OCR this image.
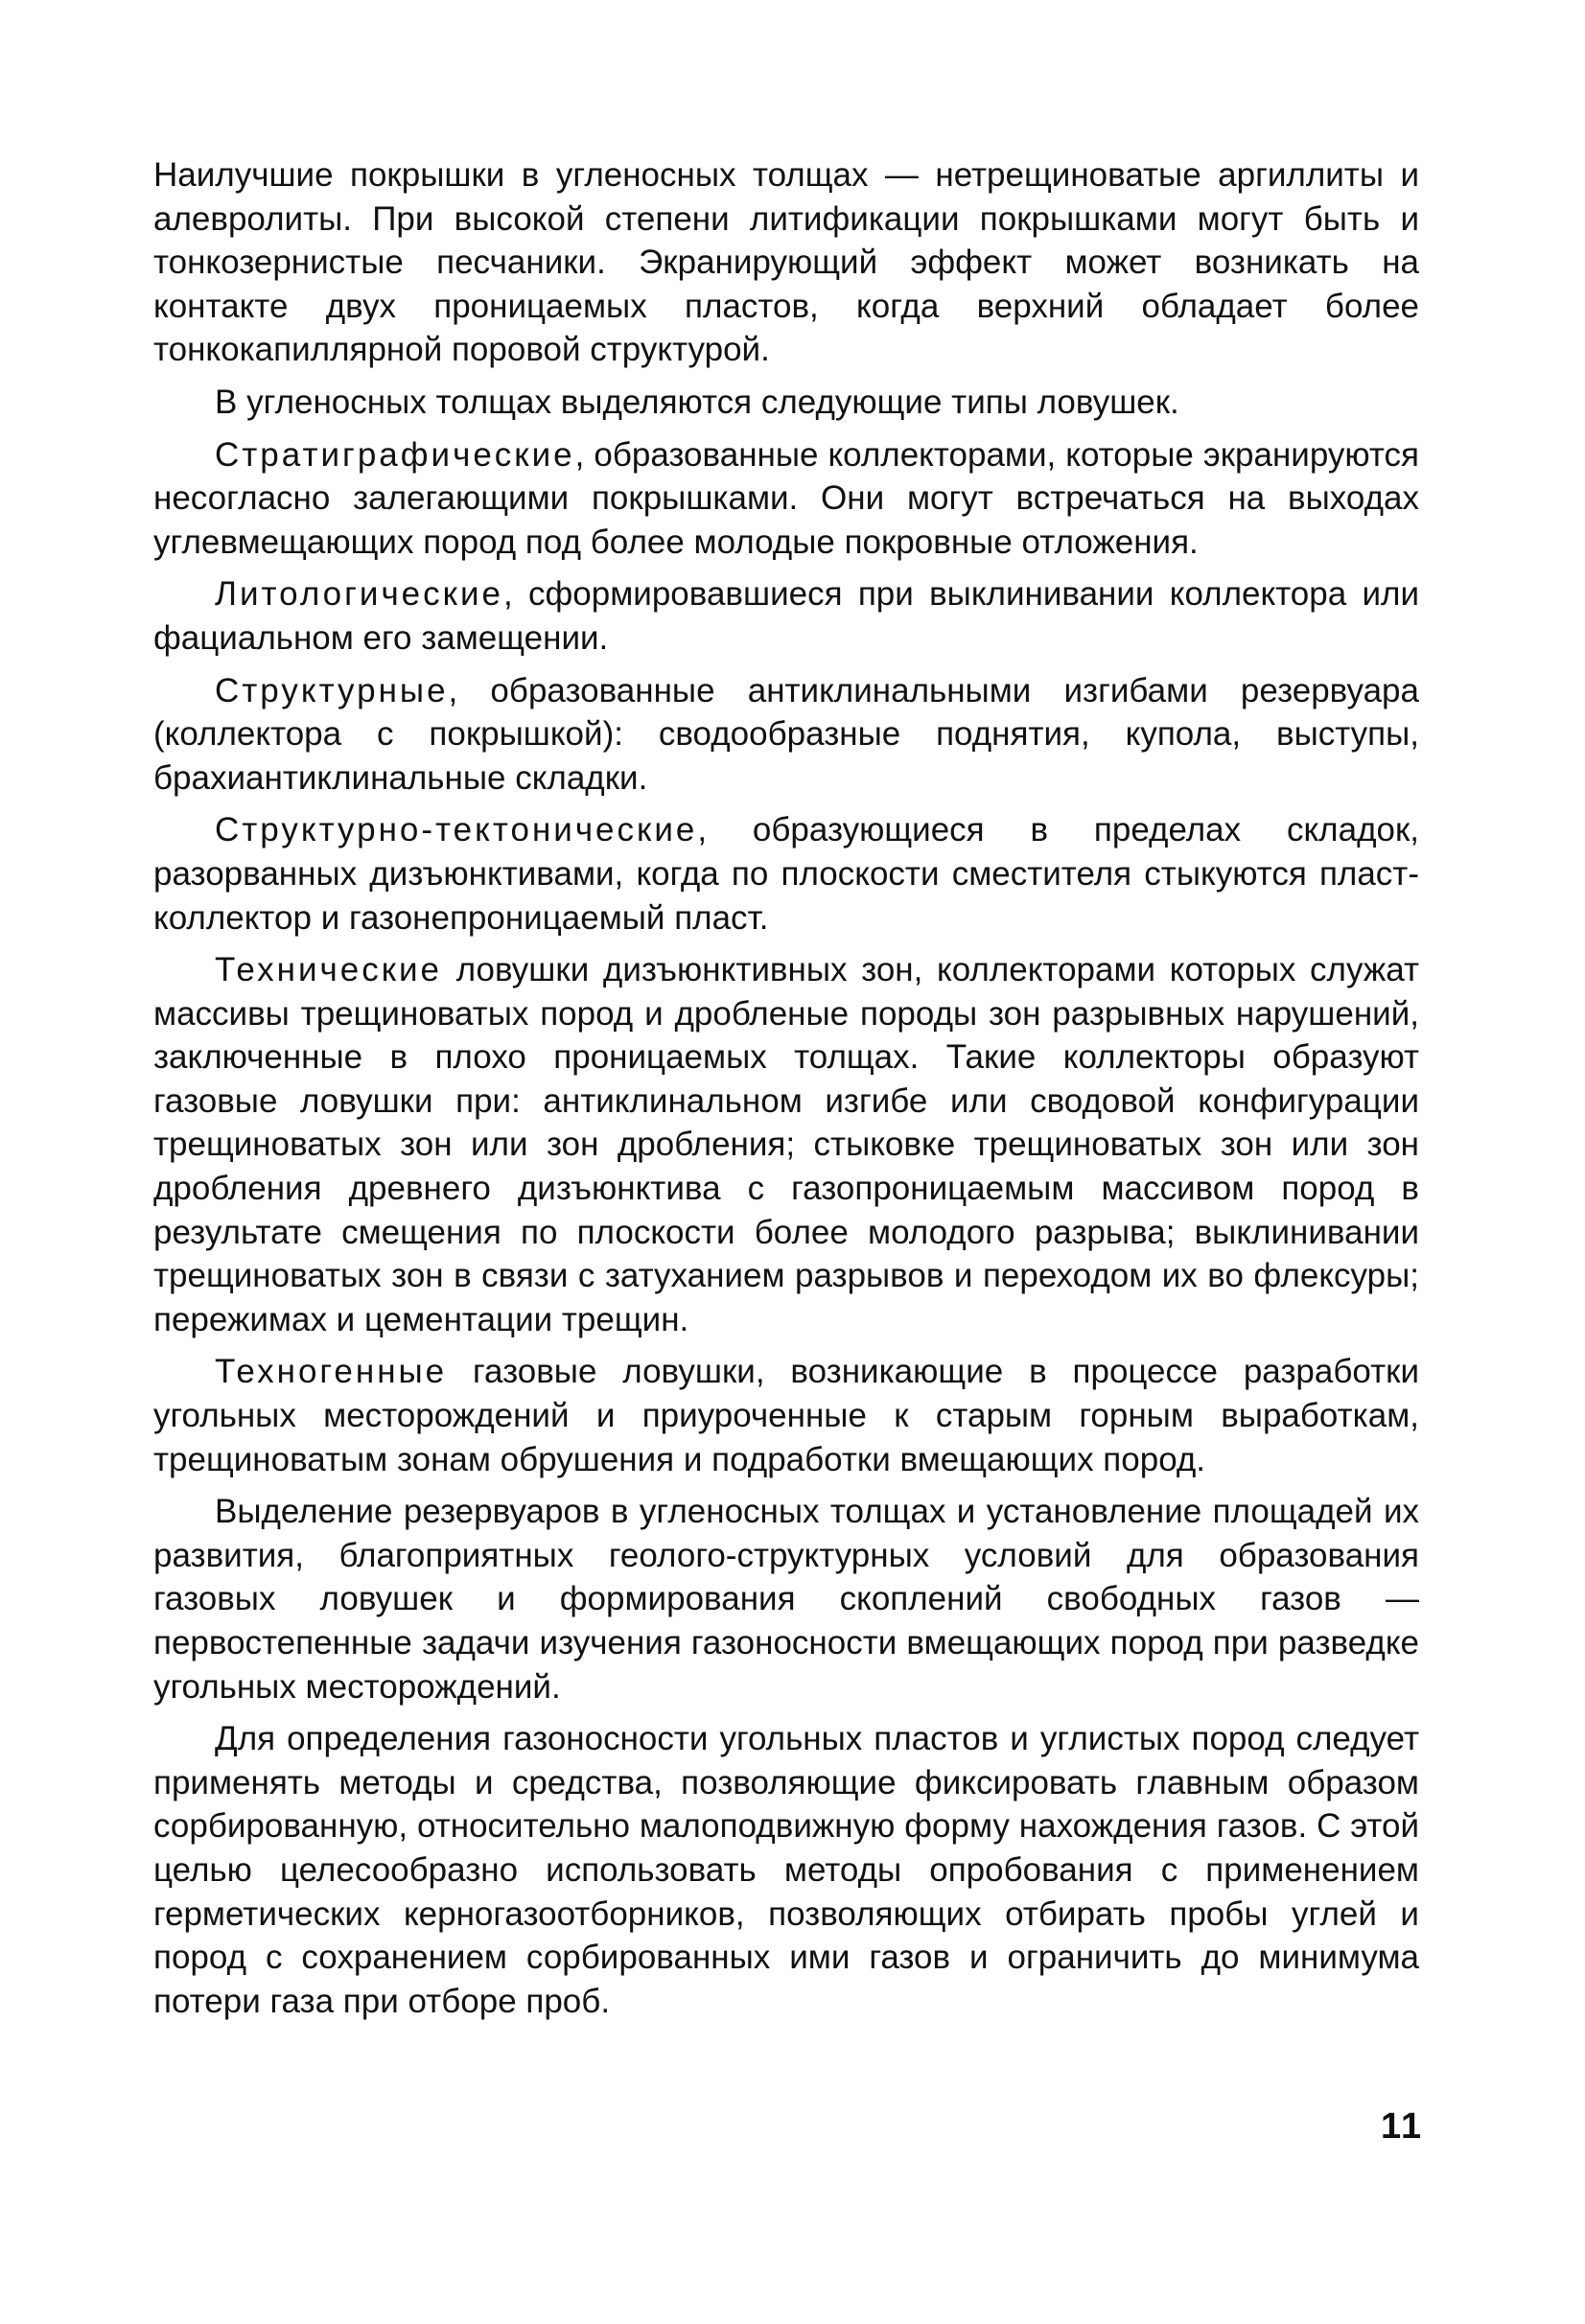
Наилучшие покрышки в угленосных толщах — нетрещиноватые аргиллиты и алевролиты. При высокой степени литификации покрышками могут быть и тонкозернистые песчаники. Экранирующий эффект может возникать на контакте двух проницаемых пластов, когда верхний обладает более тонкокапиллярной поровой структурой.

В угленосных толщах выделяются следующие типы ловушек.

Стратиграфические, образованные коллекторами, которые экранируются несогласно залегающими покрышками. Они могут встречаться на выходах углевмещающих пород под более молодые покровные отложения.

Литологические, сформировавшиеся при выклинивании коллектора или фациальном его замещении.

Структурные, образованные антиклинальными изгибами резервуара (коллектора с покрышкой): сводообразные поднятия, купола, выступы, брахиантиклинальные складки.

Структурно-тектонические, образующиеся в пределах складок, разорванных дизъюнктивами, когда по плоскости сместителя стыкуются пласт-коллектор и газонепроницаемый пласт.

Технические ловушки дизъюнктивных зон, коллекторами которых служат массивы трещиноватых пород и дробленые породы зон разрывных нарушений, заключенные в плохо проницаемых толщах. Такие коллекторы образуют газовые ловушки при: антиклинальном изгибе или сводовой конфигурации трещиноватых зон или зон дробления; стыковке трещиноватых зон или зон дробления древнего дизъюнктива с газопроницаемым массивом пород в результате смещения по плоскости более молодого разрыва; выклинивании трещиноватых зон в связи с затуханием разрывов и переходом их во флексуры; пережимах и цементации трещин.

Техногенные газовые ловушки, возникающие в процессе разработки угольных месторождений и приуроченные к старым горным выработкам, трещиноватым зонам обрушения и подработки вмещающих пород.

Выделение резервуаров в угленосных толщах и установление площадей их развития, благоприятных геолого-структурных условий для образования газовых ловушек и формирования скоплений свободных газов — первостепенные задачи изучения газоносности вмещающих пород при разведке угольных месторождений.

Для определения газоносности угольных пластов и углистых пород следует применять методы и средства, позволяющие фиксировать главным образом сорбированную, относительно малоподвижную форму нахождения газов. С этой целью целесообразно использовать методы опробования с применением герметических керногазоотборников, позволяющих отбирать пробы углей и пород с сохранением сорбированных ими газов и ограничить до минимума потери газа при отборе проб.

11
